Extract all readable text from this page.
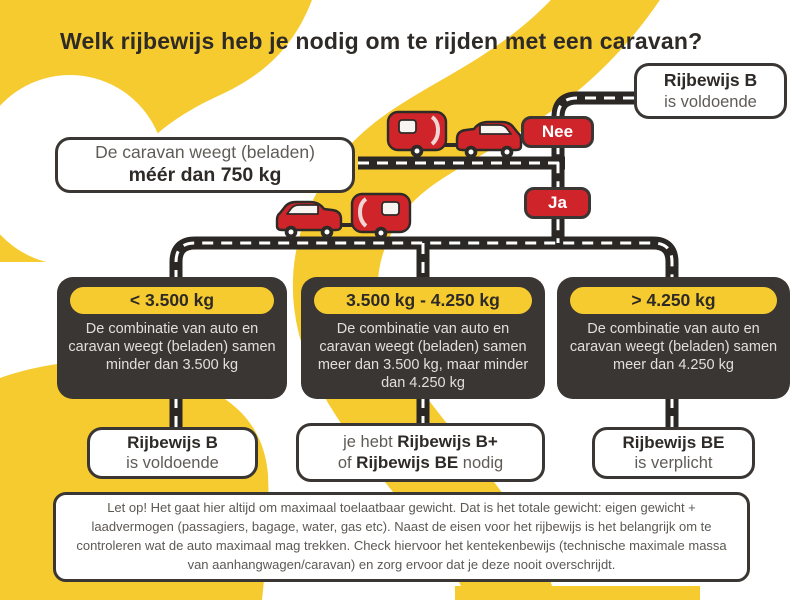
Welk rijbewijs heb je nodig om te rijden met een caravan?
De caravan weegt (beladen)
méér dan 750 kg
Rijbewijs B
is voldoende
Nee
Ja
< 3.500 kg
De combinatie van auto en caravan weegt (beladen) samen minder dan 3.500 kg
3.500 kg - 4.250 kg
De combinatie van auto en caravan weegt (beladen) samen meer dan 3.500 kg, maar minder dan 4.250 kg
> 4.250 kg
De combinatie van auto en caravan weegt (beladen) samen meer dan 4.250 kg
Rijbewijs B
is voldoende
je hebt Rijbewijs B+
of Rijbewijs BE nodig
Rijbewijs BE
is verplicht
Let op! Het gaat hier altijd om maximaal toelaatbaar gewicht. Dat is het totale gewicht: eigen gewicht + laadvermogen (passagiers, bagage, water, gas etc). Naast de eisen voor het rijbewijs is het belangrijk om te controleren wat de auto maximaal mag trekken. Check hiervoor het kentekenbewijs (technische maximale massa van aanhangwagen/caravan) en zorg ervoor dat je deze nooit overschrijdt.
